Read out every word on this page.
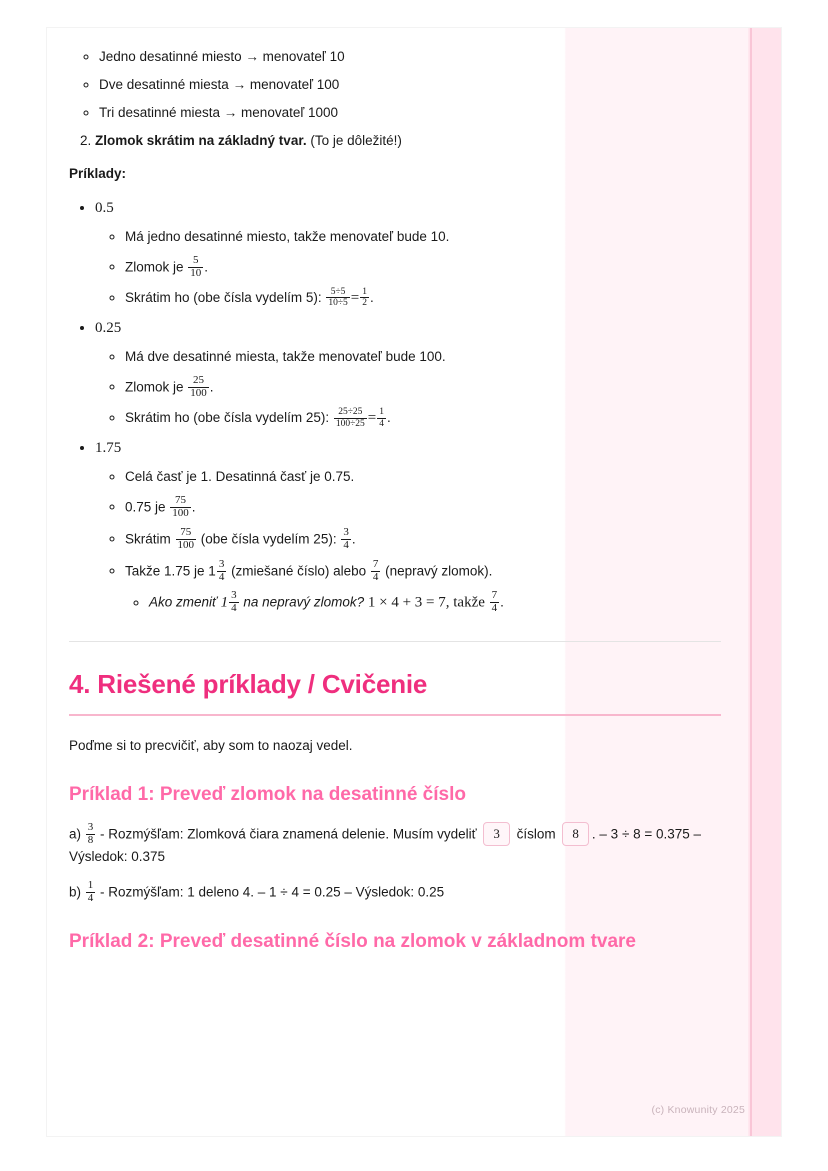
◦ Jedno desatinné miesto → menovateľ 10
◦ Dve desatinné miesta → menovateľ 100
◦ Tri desatinné miesta → menovateľ 1000
2. Zlomok skrátim na základný tvar. (To je dôležité!)

Príklady:

• 0.5
◦ Má jedno desatinné miesto, takže menovateľ bude 10.
◦ Zlomok je $\frac{5}{10}$ .
◦ Skrátim ho (obe čísla vydelím 5): $\frac{5\div 5}{10\div 5} = \frac{1}{2}$ .
• 0.25
◦ Má dve desatinné miesta, takže menovateľ bude 100.
◦ Zlomok je $\frac{25}{100}$ .
◦ Skrátim ho (obe čísla vydelím 25): $\frac{25\div 25}{100\div 25} = \frac{1}{4}$ .
• 1.75
◦ Celá časť je 1. Desatinná časť je 0.75.
◦ 0.75 je $\frac{75}{100}$ .
◦ Skrátim $\frac{75}{100} (obe$ čísla vydelím 25): $\frac{3}{4}$ .
◦ Takže 1.75 je $1 \frac{3}{4}$ (zmiešané číslo) alebo $\frac{7}{4}$ (nepravý zlomok).
◦ Ako zmeniť $1 \frac{3}{4}$ na nepravý zlomok? 1 × 4 + 3 = 7, takže $\frac{7}{4}$ .
4. Riešené príklady / Cvičenie

Poďme si to precvičiť, aby som to naozaj vedel.

Príklad 1: Preveď zlomok na desatinné číslo

$a) \frac{3}{8}$ - Rozmýšľam: Zlomková čiara znamená delenie. Musím vydeliť 3 číslom 8 . – 3 ÷ 8 = 0.375 – Výsledok: 0.375

$b) \frac{1}{4}$ - Rozmýšľam: 1 deleno 4. – 1 ÷ 4 = 0.25 – Výsledok: 0.25

Príklad 2: Preveď desatinné číslo na zlomok v základnom tvare
(c) Knowunity 2025
